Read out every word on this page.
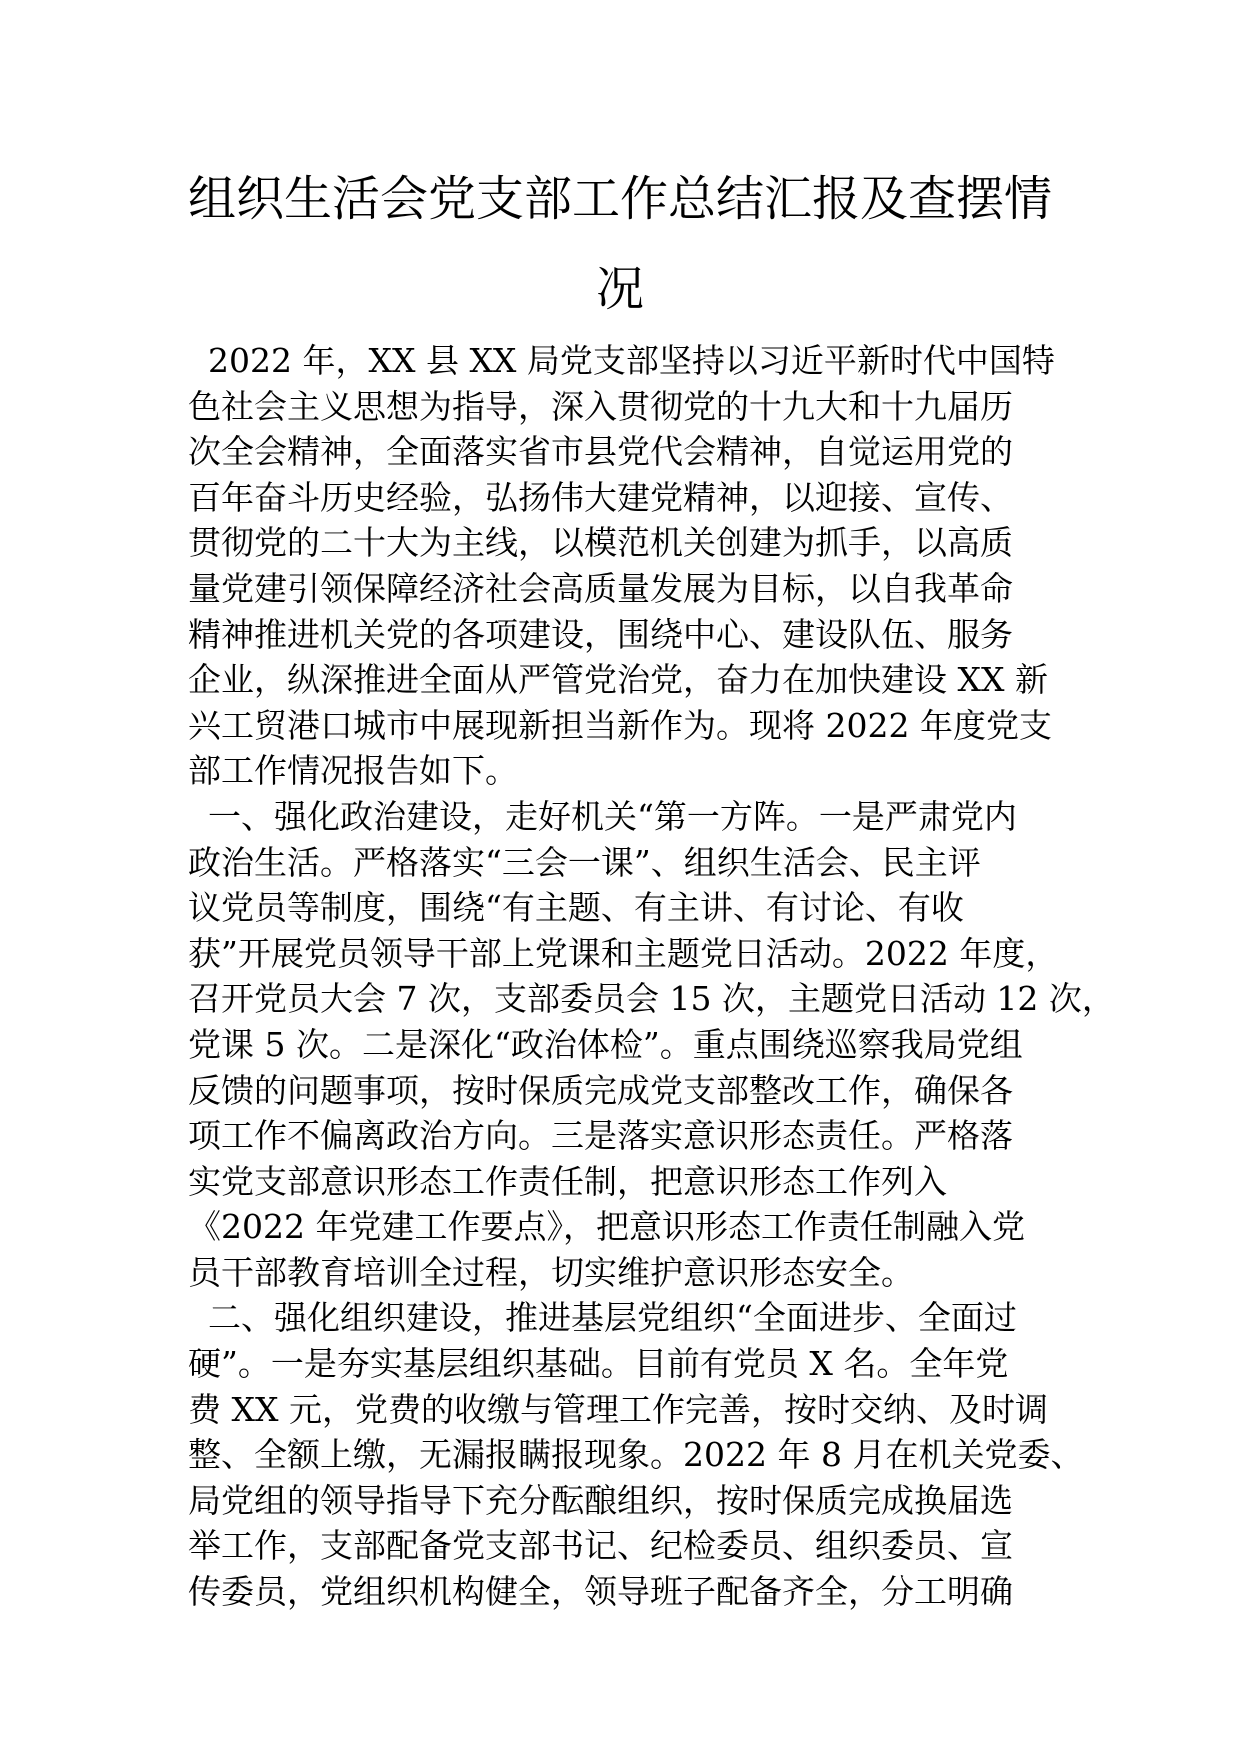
组织生活会党支部工作总结汇报及查摆情
况
2022 年，XX 县 XX 局党支部坚持以习近平新时代中国特
色社会主义思想为指导，深入贯彻党的十九大和十九届历
次全会精神，全面落实省市县党代会精神，自觉运用党的
百年奋斗历史经验，弘扬伟大建党精神，以迎接、宣传、
贯彻党的二十大为主线，以模范机关创建为抓手，以高质
量党建引领保障经济社会高质量发展为目标，以自我革命
精神推进机关党的各项建设，围绕中心、建设队伍、服务
企业，纵深推进全面从严管党治党，奋力在加快建设 XX 新
兴工贸港口城市中展现新担当新作为。现将 2022 年度党支
部工作情况报告如下。
一、强化政治建设，走好机关“第一方阵。一是严肃党内
政治生活。严格落实“三会一课”、组织生活会、民主评
议党员等制度，围绕“有主题、有主讲、有讨论、有收
获”开展党员领导干部上党课和主题党日活动。2022 年度，
召开党员大会 7 次，支部委员会 15 次，主题党日活动 12 次，
党课 5 次。二是深化“政治体检”。重点围绕巡察我局党组
反馈的问题事项，按时保质完成党支部整改工作，确保各
项工作不偏离政治方向。三是落实意识形态责任。严格落
实党支部意识形态工作责任制，把意识形态工作列入
《2022 年党建工作要点》，把意识形态工作责任制融入党
员干部教育培训全过程，切实维护意识形态安全。
二、强化组织建设，推进基层党组织“全面进步、全面过
硬”。一是夯实基层组织基础。目前有党员 X 名。全年党
费 XX 元，党费的收缴与管理工作完善，按时交纳、及时调
整、全额上缴，无漏报瞒报现象。2022 年 8 月在机关党委、
局党组的领导指导下充分酝酿组织，按时保质完成换届选
举工作，支部配备党支部书记、纪检委员、组织委员、宣
传委员，党组织机构健全，领导班子配备齐全，分工明确
